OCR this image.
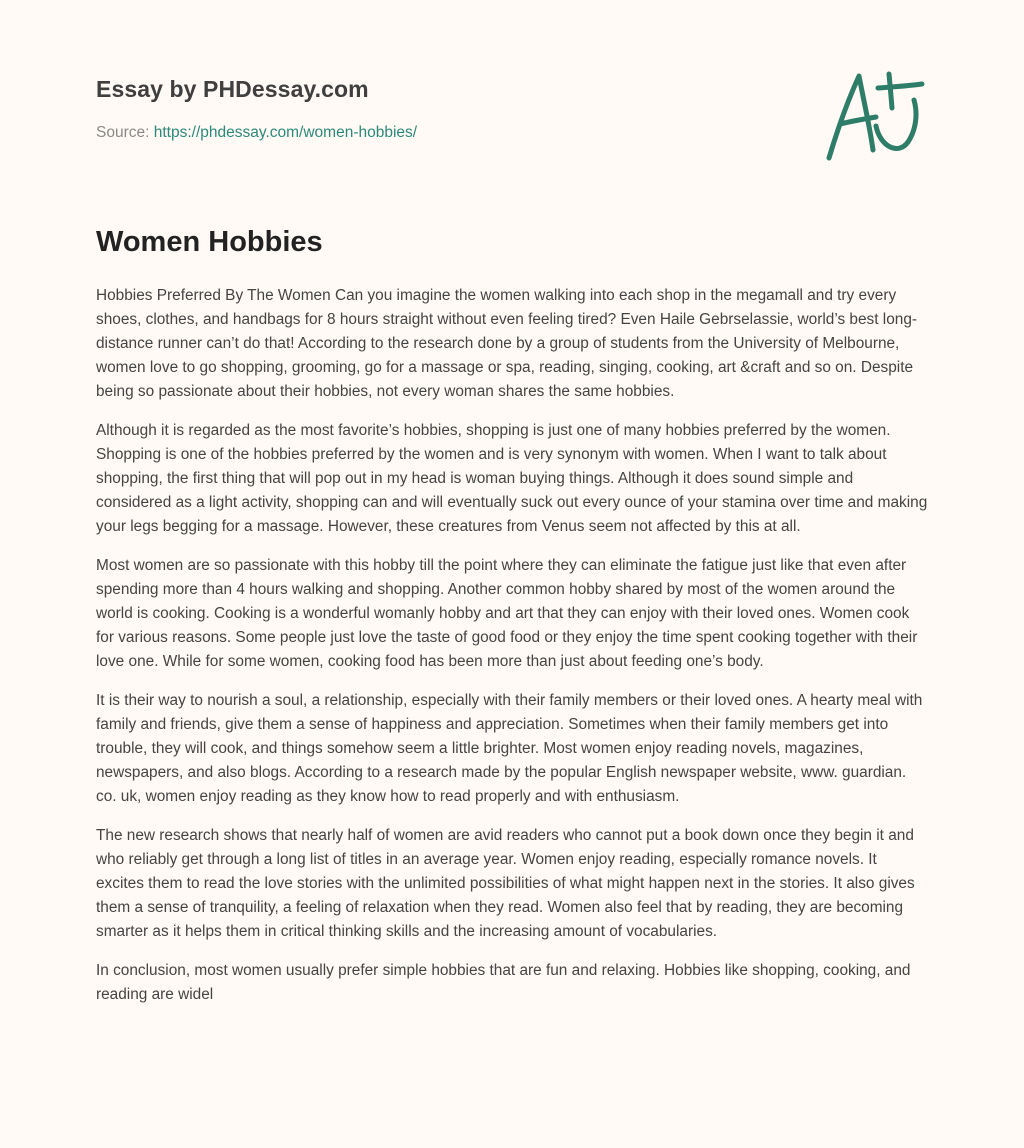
Essay by PHDessay.com
Source: https://phdessay.com/women-hobbies/
Women Hobbies

Hobbies Preferred By The Women Can you imagine the women walking into each shop in the megamall and try every shoes, clothes, and handbags for 8 hours straight without even feeling tired? Even Haile Gebrselassie, world’s best long-distance runner can’t do that! According to the research done by a group of students from the University of Melbourne, women love to go shopping, grooming, go for a massage or spa, reading, singing, cooking, art &craft and so on. Despite being so passionate about their hobbies, not every woman shares the same hobbies.

Although it is regarded as the most favorite’s hobbies, shopping is just one of many hobbies preferred by the women. Shopping is one of the hobbies preferred by the women and is very synonym with women. When I want to talk about shopping, the first thing that will pop out in my head is woman buying things. Although it does sound simple and considered as a light activity, shopping can and will eventually suck out every ounce of your stamina over time and making your legs begging for a massage. However, these creatures from Venus seem not affected by this at all.

Most women are so passionate with this hobby till the point where they can eliminate the fatigue just like that even after spending more than 4 hours walking and shopping. Another common hobby shared by most of the women around the world is cooking. Cooking is a wonderful womanly hobby and art that they can enjoy with their loved ones. Women cook for various reasons. Some people just love the taste of good food or they enjoy the time spent cooking together with their love one. While for some women, cooking food has been more than just about feeding one’s body.

It is their way to nourish a soul, a relationship, especially with their family members or their loved ones. A hearty meal with family and friends, give them a sense of happiness and appreciation. Sometimes when their family members get into trouble, they will cook, and things somehow seem a little brighter. Most women enjoy reading novels, magazines, newspapers, and also blogs. According to a research made by the popular English newspaper website, www. guardian. co. uk, women enjoy reading as they know how to read properly and with enthusiasm.

The new research shows that nearly half of women are avid readers who cannot put a book down once they begin it and who reliably get through a long list of titles in an average year. Women enjoy reading, especially romance novels. It excites them to read the love stories with the unlimited possibilities of what might happen next in the stories. It also gives them a sense of tranquility, a feeling of relaxation when they read. Women also feel that by reading, they are becoming smarter as it helps them in critical thinking skills and the increasing amount of vocabularies.

In conclusion, most women usually prefer simple hobbies that are fun and relaxing. Hobbies like shopping, cooking, and reading are widel
